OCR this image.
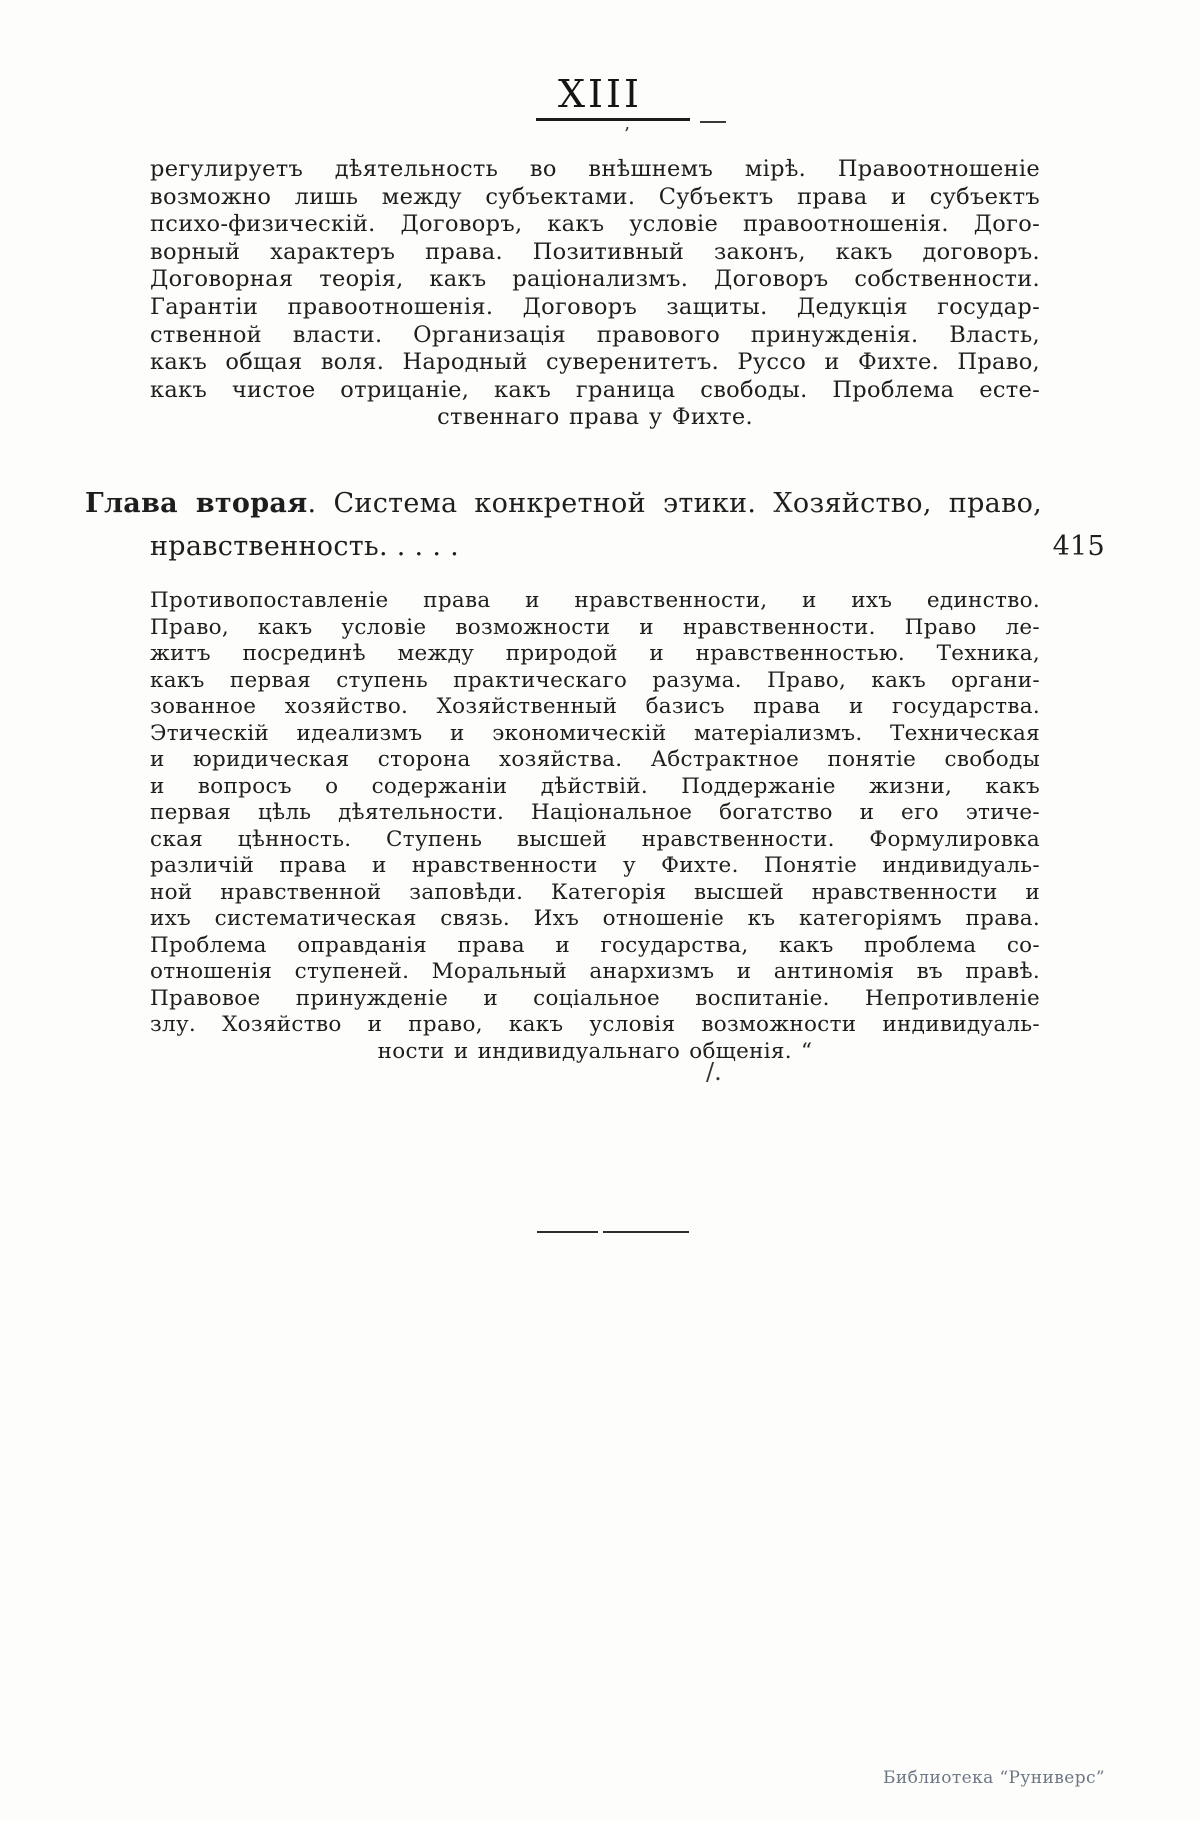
XIII
’
регулируетъ дѣятельность во внѣшнемъ мірѣ. Правоотношеніе
возможно лишь между субъектами. Субъектъ права и субъектъ
психо-физическій. Договоръ, какъ условіе правоотношенія. Дого-
ворный характеръ права. Позитивный законъ, какъ договоръ.
Договорная теорія, какъ раціонализмъ. Договоръ собственности.
Гарантіи правоотношенія. Договоръ защиты. Дедукція государ-
ственной власти. Организація правового принужденія. Власть,
какъ общая воля. Народный суверенитетъ. Руссо и Фихте. Право,
какъ чистое отрицаніе, какъ граница свободы. Проблема есте-
ственнаго права у Фихте.
Глава вторая. Система конкретной этики. Хозяйство, право,
нравственность. . . . .	415
Противопоставленіе права и нравственности, и ихъ единство.
Право, какъ условіе возможности и нравственности. Право ле-
житъ посрединѣ между природой и нравственностью. Техника,
какъ первая ступень практическаго разума. Право, какъ органи-
зованное хозяйство. Хозяйственный базисъ права и государства.
Этическій идеализмъ и экономическій матеріализмъ. Техническая
и юридическая сторона хозяйства. Абстрактное понятіе свободы
и вопросъ о содержаніи дѣйствій. Поддержаніе жизни, какъ
первая цѣль дѣятельности. Національное богатство и его этиче-
ская цѣнность. Ступень высшей нравственности. Формулировка
различій права и нравственности у Фихте. Понятіе индивидуаль-
ной нравственной заповѣди. Категорія высшей нравственности и
ихъ систематическая связь. Ихъ отношеніе къ категоріямъ права.
Проблема оправданія права и государства, какъ проблема со-
отношенія ступеней. Моральный анархизмъ и антиномія въ правѣ.
Правовое принужденіе и соціальное воспитаніе. Непротивленіе
злу. Хозяйство и право, какъ условія возможности индивидуаль-
ности и индивидуальнаго общенія. “
/.
Библиотека “Руниверс”
